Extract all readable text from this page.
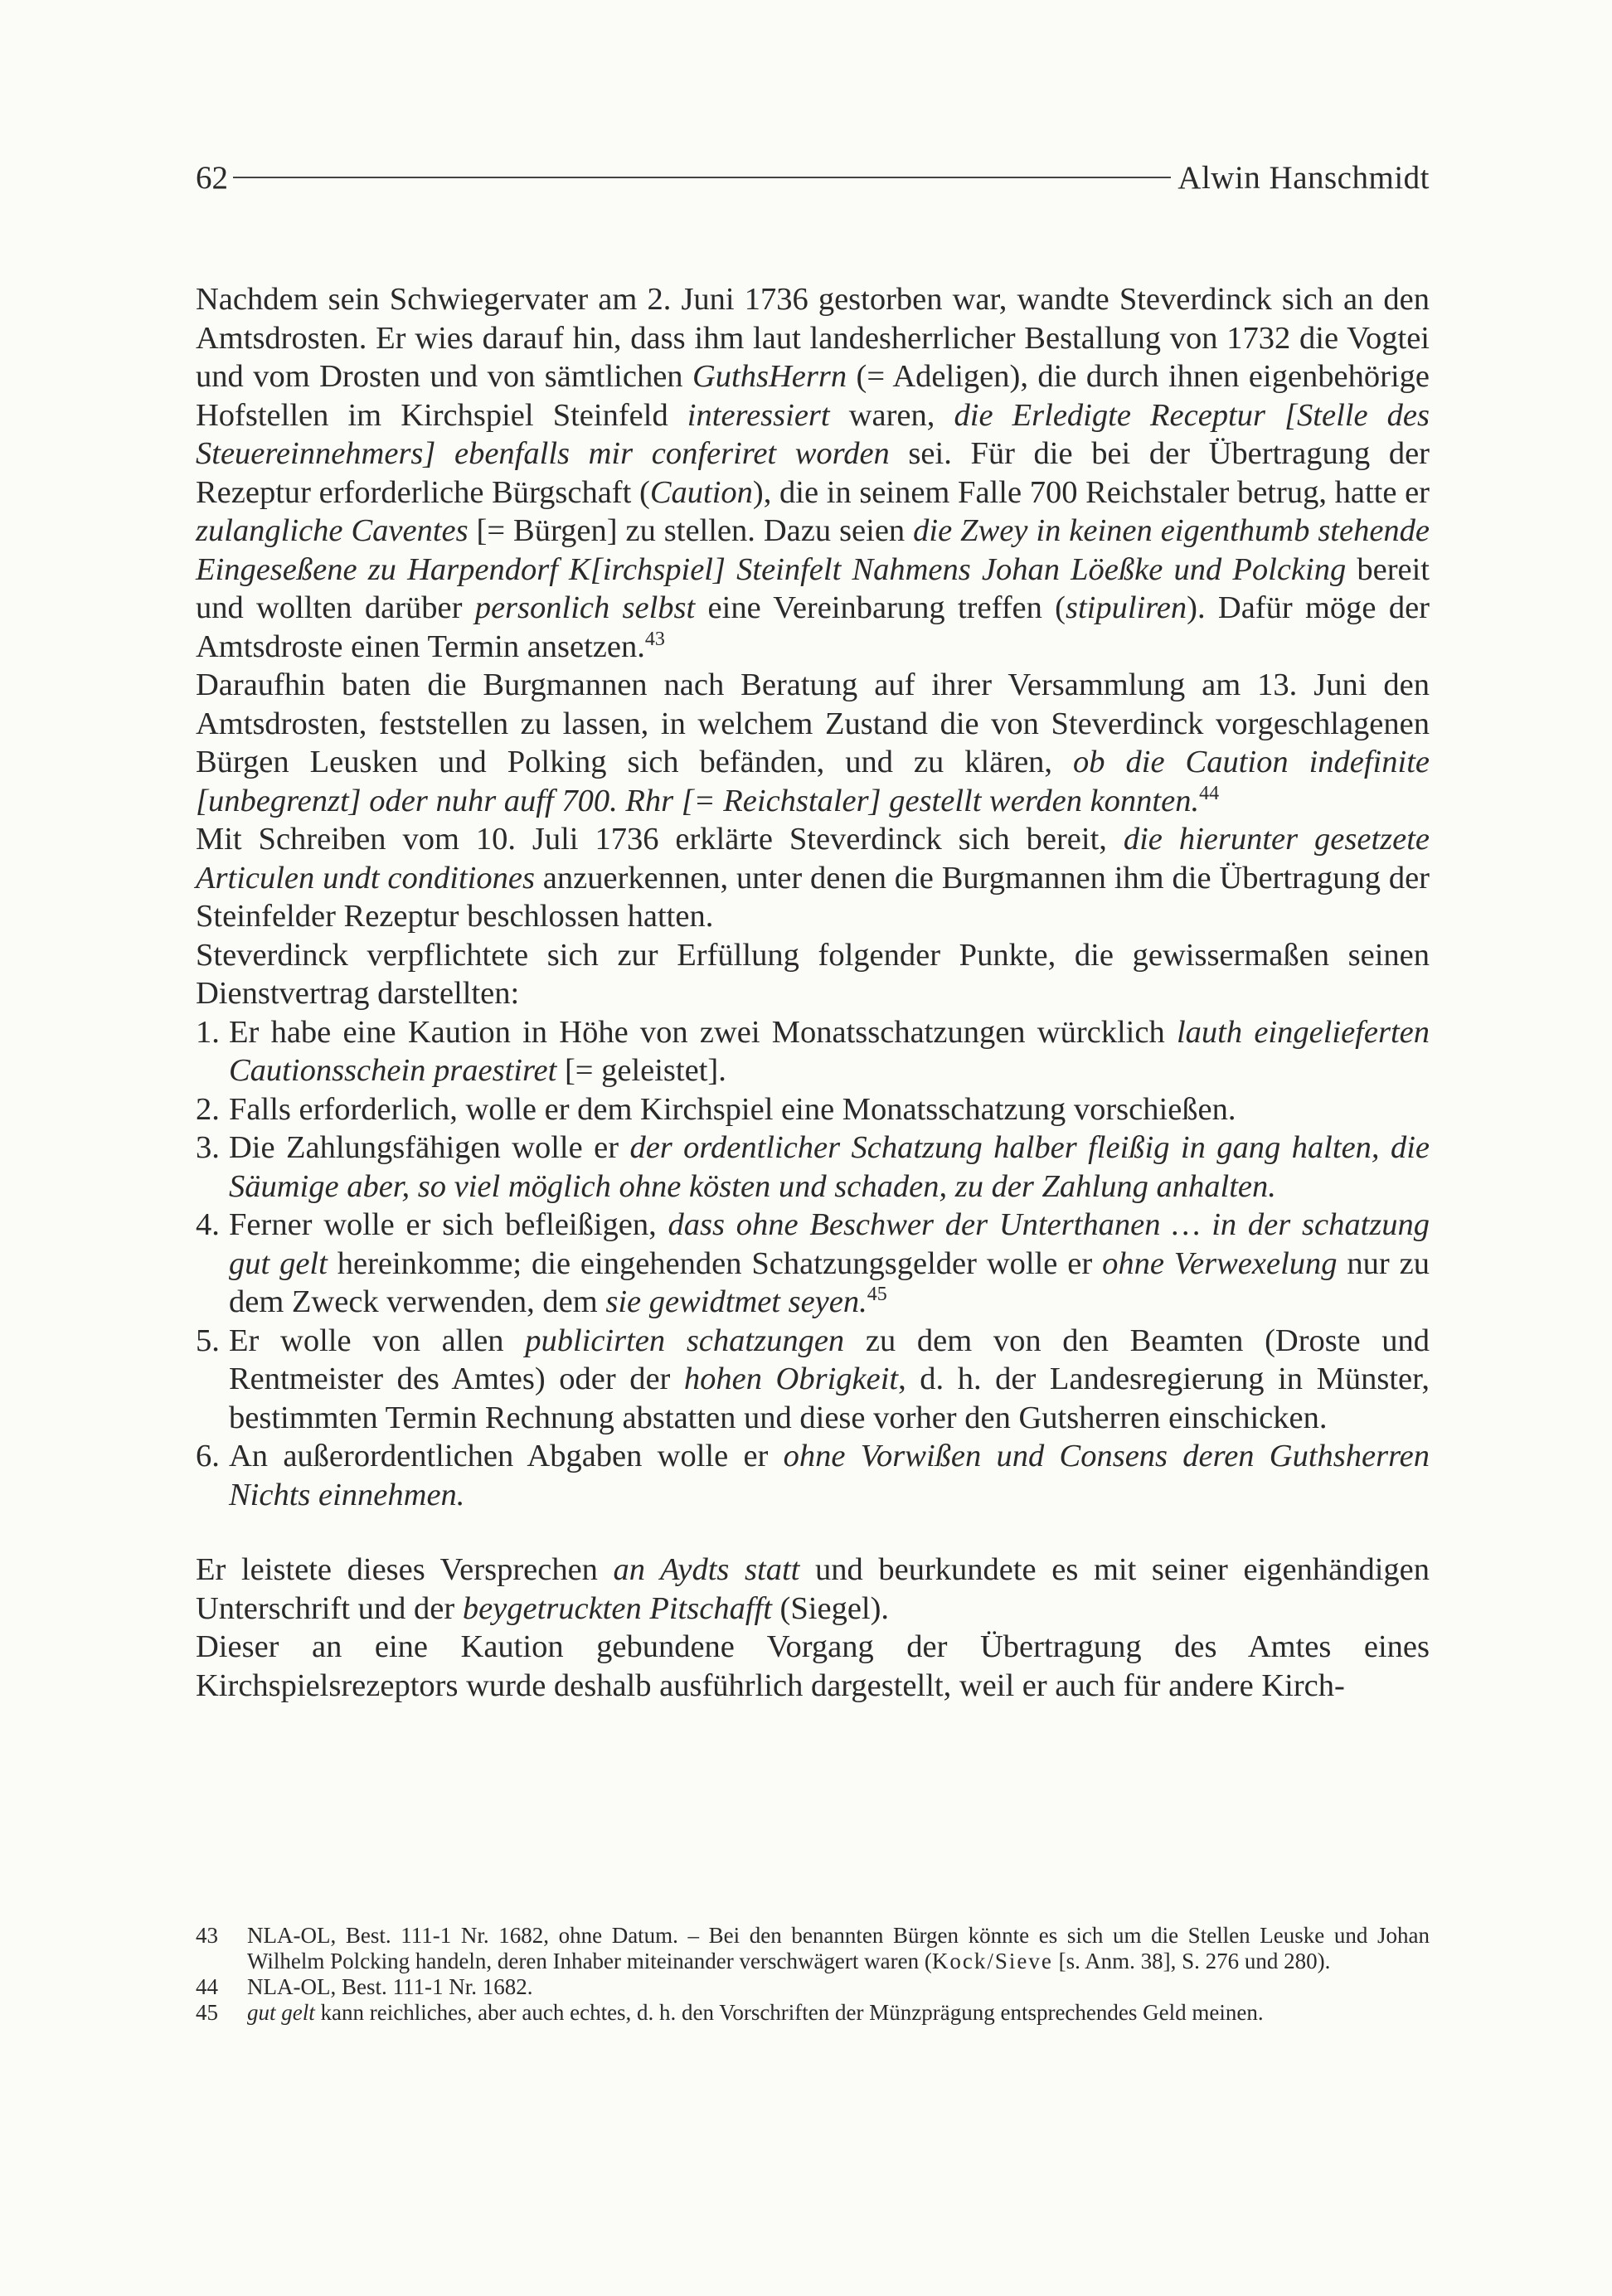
62	Alwin Hanschmidt

Nachdem sein Schwiegervater am 2. Juni 1736 gestorben war, wandte Steverdinck sich an den Amtsdrosten. Er wies darauf hin, dass ihm laut landesherrlicher Bestallung von 1732 die Vogtei und vom Drosten und von sämtlichen GuthsHerrn (= Adeligen), die durch ihnen eigenbehörige Hofstellen im Kirchspiel Steinfeld interessiert waren, die Erledigte Receptur [Stelle des Steuereinnehmers] ebenfalls mir conferiret worden sei. Für die bei der Übertragung der Rezeptur erforderliche Bürgschaft (Caution), die in seinem Falle 700 Reichstaler betrug, hatte er zulangliche Caventes [= Bürgen] zu stellen. Dazu seien die Zwey in keinen eigenthumb stehende Eingeseßene zu Harpendorf K[irchspiel] Steinfelt Nahmens Johan Löeßke und Polcking bereit und wollten darüber personlich selbst eine Vereinbarung treffen (stipuliren). Dafür möge der Amtsdroste einen Termin ansetzen.$^{43}$

Daraufhin baten die Burgmannen nach Beratung auf ihrer Versammlung am 13. Juni den Amtsdrosten, feststellen zu lassen, in welchem Zustand die von Steverdinck vorgeschlagenen Bürgen Leusken und Polking sich befänden, und zu klären, ob die Caution indefinite [unbegrenzt] oder nuhr auff 700. Rhr [= Reichstaler] gestellt werden konnten.$^{44}$

Mit Schreiben vom 10. Juli 1736 erklärte Steverdinck sich bereit, die hierunter gesetzete Articulen undt conditiones anzuerkennen, unter denen die Burgmannen ihm die Übertragung der Steinfelder Rezeptur beschlossen hatten.

Steverdinck verpflichtete sich zur Erfüllung folgender Punkte, die gewissermaßen seinen Dienstvertrag darstellten:

1. Er habe eine Kaution in Höhe von zwei Monatsschatzungen würcklich lauth eingelieferten Cautionsschein praestiret [= geleistet].
2. Falls erforderlich, wolle er dem Kirchspiel eine Monatsschatzung vorschießen.
3. Die Zahlungsfähigen wolle er der ordentlicher Schatzung halber fleißig in gang halten, die Säumige aber, so viel möglich ohne kösten und schaden, zu der Zahlung anhalten.
4. Ferner wolle er sich befleißigen, dass ohne Beschwer der Unterthanen … in der schatzung gut gelt hereinkomme; die eingehenden Schatzungsgelder wolle er ohne Verwexelung nur zu dem Zweck verwenden, dem sie gewidtmet seyen.$^{45}$
5. Er wolle von allen publicirten schatzungen zu dem von den Beamten (Droste und Rentmeister des Amtes) oder der hohen Obrigkeit, d. h. der Landesregierung in Münster, bestimmten Termin Rechnung abstatten und diese vorher den Gutsherren einschicken.
6. An außerordentlichen Abgaben wolle er ohne Vorwißen und Consens deren Guthsherren Nichts einnehmen.

Er leistete dieses Versprechen an Aydts statt und beurkundete es mit seiner eigenhändigen Unterschrift und der beygetruckten Pitschafft (Siegel).

Dieser an eine Kaution gebundene Vorgang der Übertragung des Amtes eines Kirchspielsrezeptors wurde deshalb ausführlich dargestellt, weil er auch für andere Kirch-

43	NLA-OL, Best. 111-1 Nr. 1682, ohne Datum. – Bei den benannten Bürgen könnte es sich um die Stellen Leuske und Johan Wilhelm Polcking handeln, deren Inhaber miteinander verschwägert waren (Kock/Sieve [s. Anm. 38], S. 276 und 280).
44	NLA-OL, Best. 111-1 Nr. 1682.
45	gut gelt kann reichliches, aber auch echtes, d. h. den Vorschriften der Münzprägung entsprechendes Geld meinen.
